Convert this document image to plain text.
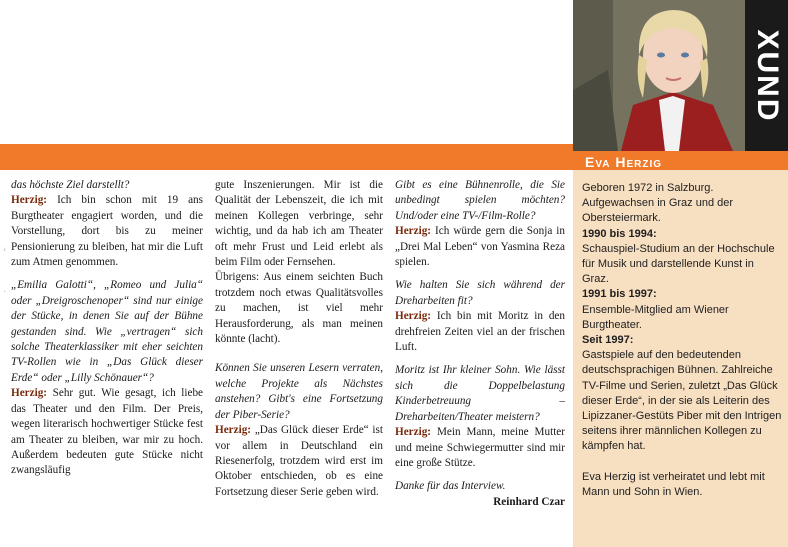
XUND
Eva Herzig
‹
·

das höchste Ziel darstellt?
Herzig: Ich bin schon mit 19 ans Burgtheater engagiert worden, und die Vorstellung, dort bis zu meiner Pensionierung zu bleiben, hat mir die Luft zum Atmen genommen.

„Emilia Galotti“, „Romeo und Julia“ oder „Dreigroschenoper“ sind nur einige der Stücke, in denen Sie auf der Bühne gestanden sind. Wie „vertragen“ sich solche Theaterklassiker mit eher seichten TV-Rollen wie in „Das Glück dieser Erde“ oder „Lilly Schönauer“?
Herzig: Sehr gut. Wie gesagt, ich liebe das Theater und den Film. Der Preis, wegen literarisch hochwertiger Stücke fest am Theater zu bleiben, war mir zu hoch. Außerdem bedeuten gute Stücke nicht zwangsläufig

gute Inszenierungen. Mir ist die Qualität der Lebenszeit, die ich mit meinen Kollegen verbringe, sehr wichtig, und da hab ich am Theater oft mehr Frust und Leid erlebt als beim Film oder Fernsehen.

Übrigens: Aus einem seichten Buch trotzdem noch etwas Qualitätsvolles zu machen, ist viel mehr Herausforderung, als man meinen könnte (lacht).

Können Sie unseren Lesern verraten, welche Projekte als Nächstes anstehen? Gibt's eine Fortsetzung der Piber-Serie?
Herzig: „Das Glück dieser Erde“ ist vor allem in Deutschland ein Riesenerfolg, trotzdem wird erst im Oktober entschieden, ob es eine Fortsetzung dieser Serie geben wird.

Gibt es eine Bühnenrolle, die Sie unbedingt spielen möchten? Und/oder eine TV-/Film-Rolle?
Herzig: Ich würde gern die Sonja in „Drei Mal Leben“ von Yasmina Reza spielen.

Wie halten Sie sich während der Dreharbeiten fit?
Herzig: Ich bin mit Moritz in den drehfreien Zeiten viel an der frischen Luft.

Moritz ist Ihr kleiner Sohn. Wie lässt sich die Doppelbelastung Kinderbetreuung – Dreharbeiten/Theater meistern?
Herzig: Mein Mann, meine Mutter und meine Schwiegermutter sind mir eine große Stütze.

Danke für das Interview.

Reinhard Czar

Geboren 1972 in Salzburg. Aufgewachsen in Graz und der Obersteiermark.

1990 bis 1994:

Schauspiel-Studium an der Hochschule für Musik und darstellende Kunst in Graz.

1991 bis 1997:

Ensemble-Mitglied am Wiener Burgtheater.

Seit 1997:

Gastspiele auf den bedeutenden deutschsprachigen Bühnen. Zahlreiche TV-Filme und Serien, zuletzt „Das Glück dieser Erde“, in der sie als Leiterin des Lipizzaner-Gestüts Piber mit den Intrigen seitens ihrer männlichen Kollegen zu kämpfen hat.

Eva Herzig ist verheiratet und lebt mit Mann und Sohn in Wien.
